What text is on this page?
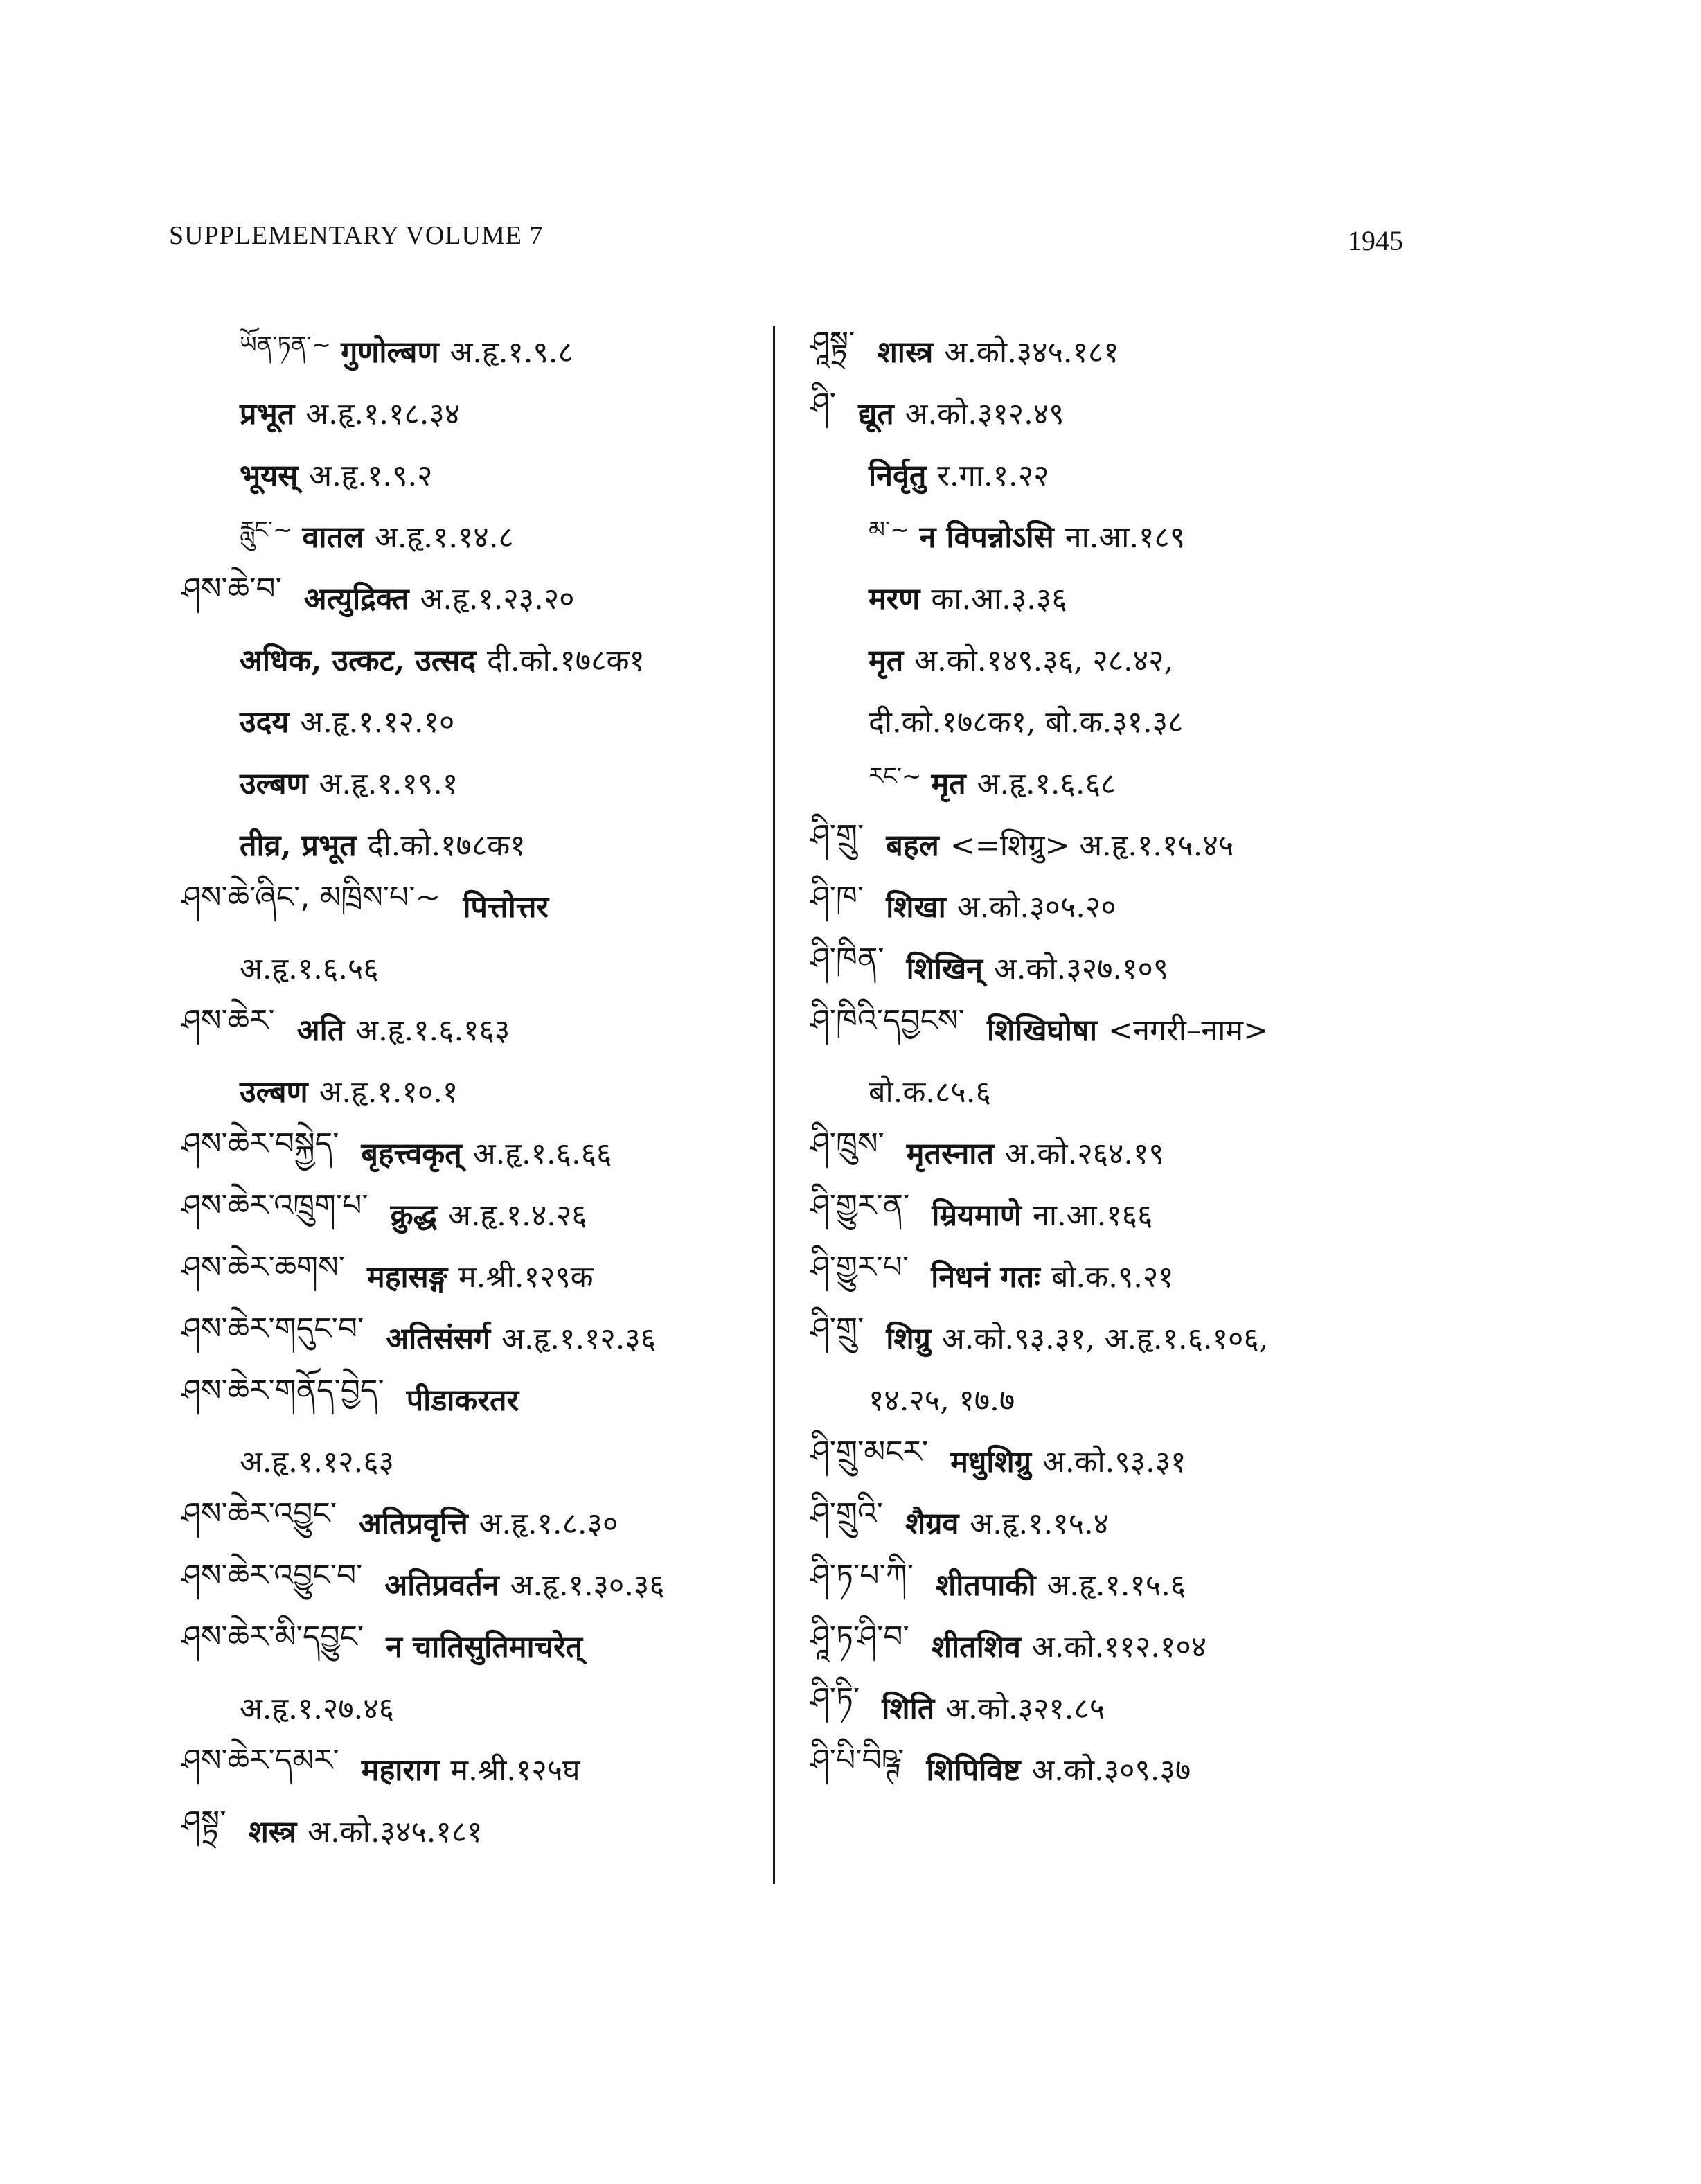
SUPPLEMENTARY VOLUME 7	1945
ཡོན་ཏན་~ गुणोल्बण अ.हृ.१.९.८
प्रभूत अ.हृ.१.१८.३४
भूयस् अ.हृ.१.९.२
རླུང་~ वातल अ.हृ.१.१४.८
ཤས་ཆེ་བ་ अत्युद्रिक्त अ.हृ.१.२३.२०
अधिक, उत्कट, उत्सद दी.को.१७८क१
उदय अ.हृ.१.१२.१०
उल्बण अ.हृ.१.१९.१
तीव्र, प्रभूत दी.को.१७८क१
ཤས་ཆེ་ཞིང་, མཁྲིས་པ་~ पित्तोत्तर
अ.हृ.१.६.५६
ཤས་ཆེར་ अति अ.हृ.१.६.१६३
उल्बण अ.हृ.१.१०.१
ཤས་ཆེར་བསྐྱེད་ बृहत्त्वकृत् अ.हृ.१.६.६६
ཤས་ཆེར་འཁྲུག་པ་ क्रुद्ध अ.हृ.१.४.२६
ཤས་ཆེར་ཆགས་ महासङ्ग म.श्री.१२९क
ཤས་ཆེར་གདུང་བ་ अतिसंसर्ग अ.हृ.१.१२.३६
ཤས་ཆེར་གནོད་བྱེད་ पीडाकरतर
अ.हृ.१.१२.६३
ཤས་ཆེར་འབྱུང་ अतिप्रवृत्ति अ.हृ.१.८.३०
ཤས་ཆེར་འབྱུང་བ་ अतिप्रवर्तन अ.हृ.१.३०.३६
ཤས་ཆེར་མི་དབྱུང་ न चातिसुतिमाचरेत्
अ.हृ.१.२७.४६
ཤས་ཆེར་དམར་ महाराग म.श्री.१२५घ
ཤསྟྲ་ शस्त्र अ.को.३४५.१८१
ཤཱསྟྲ་ शास्त्र अ.को.३४५.१८१
ཤི་ द्यूत अ.को.३१२.४९
निर्वृतु र.गा.१.२२
མ་~ न विपन्नोऽसि ना.आ.१८९
मरण का.आ.३.३६
मृत अ.को.१४९.३६, २८.४२,
दी.को.१७८क१, बो.क.३१.३८
རང་~ मृत अ.हृ.१.६.६८
ཤི་གྲུ་ बहल <=शिग्रु> अ.हृ.१.१५.४५
ཤི་ཁ་ शिखा अ.को.३०५.२०
ཤི་ཁིན་ शिखिन् अ.को.३२७.१०९
ཤི་ཁིའི་དབྱངས་ शिखिघोषा <नगरी–नाम>
बो.क.८५.६
ཤི་ཁྲུས་ मृतस्नात अ.को.२६४.१९
ཤི་གྱུར་ན་ म्रियमाणे ना.आ.१६६
ཤི་གྱུར་པ་ निधनं गतः बो.क.९.२१
ཤི་གྲུ་ शिग्रु अ.को.९३.३१, अ.हृ.१.६.१०६,
१४.२५, १७.७
ཤི་གྲུ་མངར་ मधुशिग्रु अ.को.९३.३१
ཤི་གྲུའི་ शैग्रव अ.हृ.१.१५.४
ཤི་ཏ་པ་ཀི་ शीतपाकी अ.हृ.१.१५.६
ཤཱི་ཏ་ཤི་བ་ शीतशिव अ.को.११२.१०४
ཤི་ཏི་ शिति अ.को.३२१.८५
ཤི་པི་བིཥྚ་ शिपिविष्ट अ.को.३०९.३७
